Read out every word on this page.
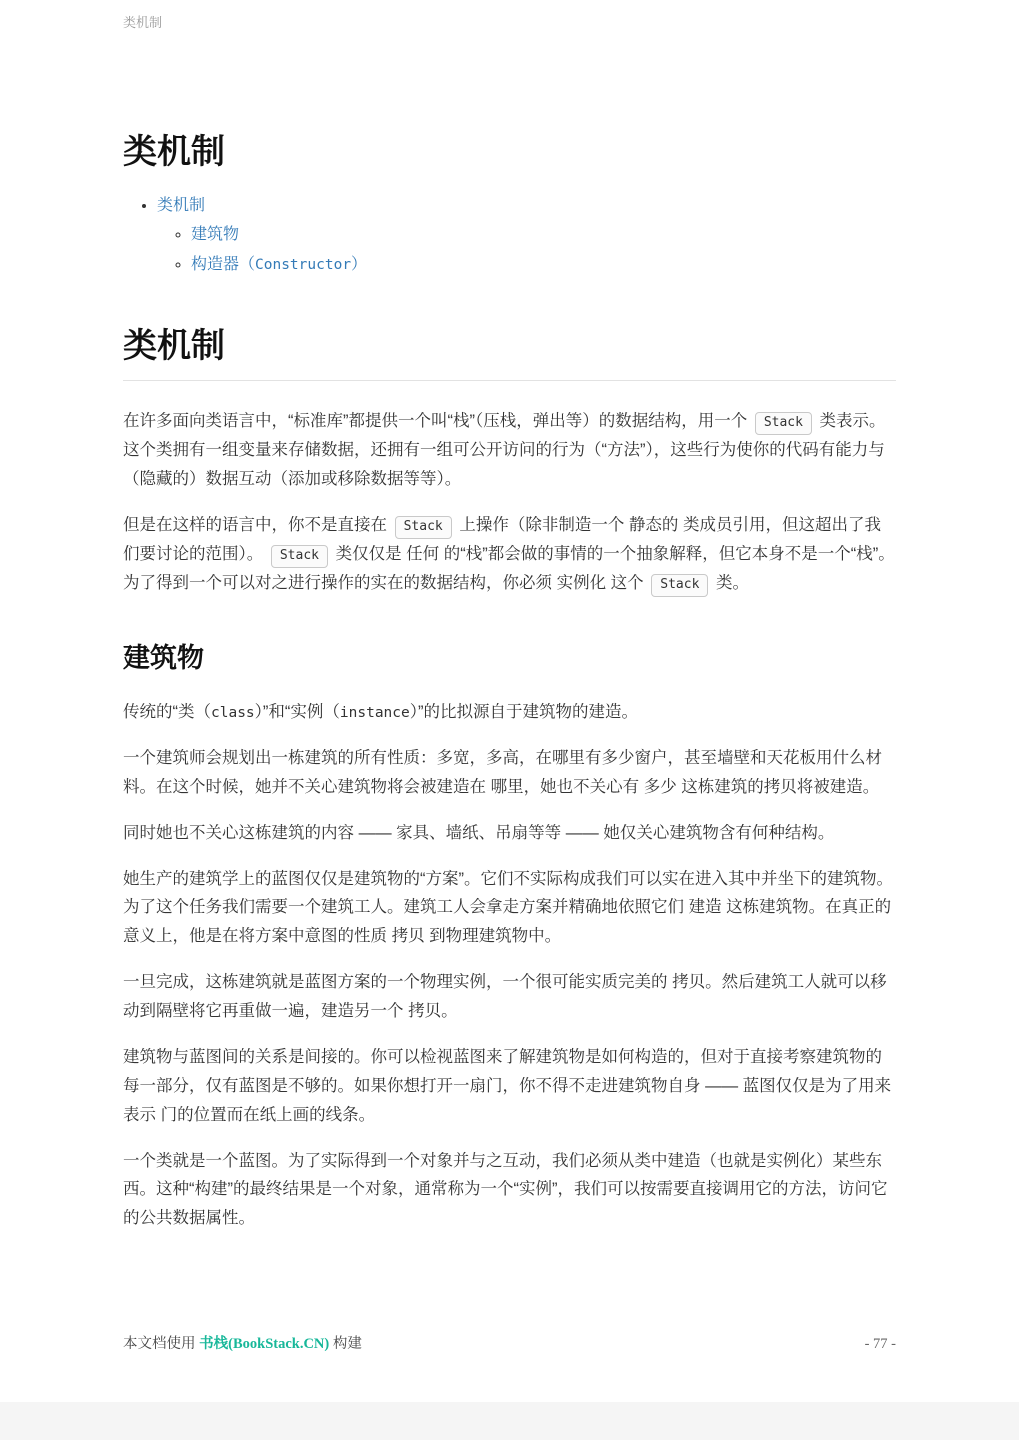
类机制
类机制
• 类机制
◦ 建筑物
◦ 构造器（Constructor）
类机制

在许多面向类语言中，“标准库”都提供一个叫“栈”（压栈，弹出等）的数据结构，用一个 Stack 类表示。这个类拥有一组变量来存储数据，还拥有一组可公开访问的行为（“方法”），这些行为使你的代码有能力与（隐藏的）数据互动（添加或移除数据等等）。

但是在这样的语言中，你不是直接在 Stack 上操作（除非制造一个 静态的 类成员引用，但这超出了我们要讨论的范围）。 Stack 类仅仅是 任何 的“栈”都会做的事情的一个抽象解释，但它本身不是一个“栈”。为了得到一个可以对之进行操作的实在的数据结构，你必须 实例化 这个 Stack 类。

建筑物

传统的“类（class）”和“实例（instance）”的比拟源自于建筑物的建造。

一个建筑师会规划出一栋建筑的所有性质：多宽，多高，在哪里有多少窗户，甚至墙壁和天花板用什么材料。在这个时候，她并不关心建筑物将会被建造在 哪里，她也不关心有 多少 这栋建筑的拷贝将被建造。

同时她也不关心这栋建筑的内容 —— 家具、墙纸、吊扇等等 —— 她仅关心建筑物含有何种结构。

她生产的建筑学上的蓝图仅仅是建筑物的“方案”。它们不实际构成我们可以实在进入其中并坐下的建筑物。为了这个任务我们需要一个建筑工人。建筑工人会拿走方案并精确地依照它们 建造 这栋建筑物。在真正的意义上，他是在将方案中意图的性质 拷贝 到物理建筑物中。

一旦完成，这栋建筑就是蓝图方案的一个物理实例，一个很可能实质完美的 拷贝。然后建筑工人就可以移动到隔壁将它再重做一遍，建造另一个 拷贝。

建筑物与蓝图间的关系是间接的。你可以检视蓝图来了解建筑物是如何构造的，但对于直接考察建筑物的每一部分，仅有蓝图是不够的。如果你想打开一扇门，你不得不走进建筑物自身 —— 蓝图仅仅是为了用来 表示 门的位置而在纸上画的线条。

一个类就是一个蓝图。为了实际得到一个对象并与之互动，我们必须从类中建造（也就是实例化）某些东西。这种“构建”的最终结果是一个对象，通常称为一个“实例”，我们可以按需要直接调用它的方法，访问它的公共数据属性。

本文档使用 书栈(BookStack.CN) 构建	- 77 -
